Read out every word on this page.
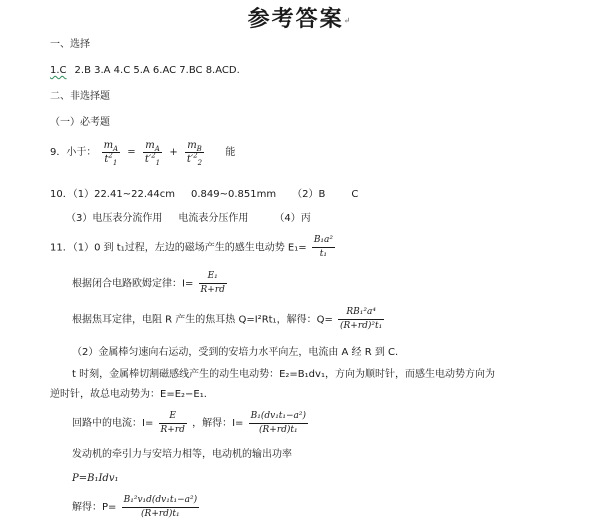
参考答案↵
一、选择
1.C 2.B 3.A 4.C 5.A 6.AC 7.BC 8.ACD.
二、非选择题
（一）必考题
9．小于： $\frac{m_A}{t^2_1} = \frac{m_A}{t'^2_1} + \frac{m_B}{t'^2_2}$ 能
10．（1）22.41~22.44cm 0.849~0.851mm （2）B	C
（3）电压表分流作用 电流表分压作用	（4）丙
11．（1）0 到 t₁过程，左边的磁场产生的感生电动势 $E_1= \frac{\text{B₁a²}}{\text{t₁}}$
根据闭合电路欧姆定律：$I= \frac{\text{E₁}}{R+rd}$
根据焦耳定律，电阻 R 产生的焦耳热 Q=I²Rt₁，解得：$Q= \frac{\text{RB₁²a⁴}}{\text{(R+rd)²t₁}}$
（2）金属棒匀速向右运动，受到的安培力水平向左，电流由 A 经 R 到 C.
t 时刻，金属棒切割磁感线产生的动生电动势：E₂=B₁dv₁，方向为顺时针，而感生电动势方向为
逆时针，故总电动势为：E=E₂−E₁.
回路中的电流：$I= \frac{E}{R+rd}$ ，解得：$I= \frac{\text{B₁(dv₁t₁−a²)}}{\text{(R+rd)t₁}}$
发动机的牵引力与安培力相等，电动机的输出功率
P=B₁Idv₁
解得：$P= \frac{\text{B₁²v₁d(dv₁t₁−a²)}}{\text{(R+rd)t₁}}$
